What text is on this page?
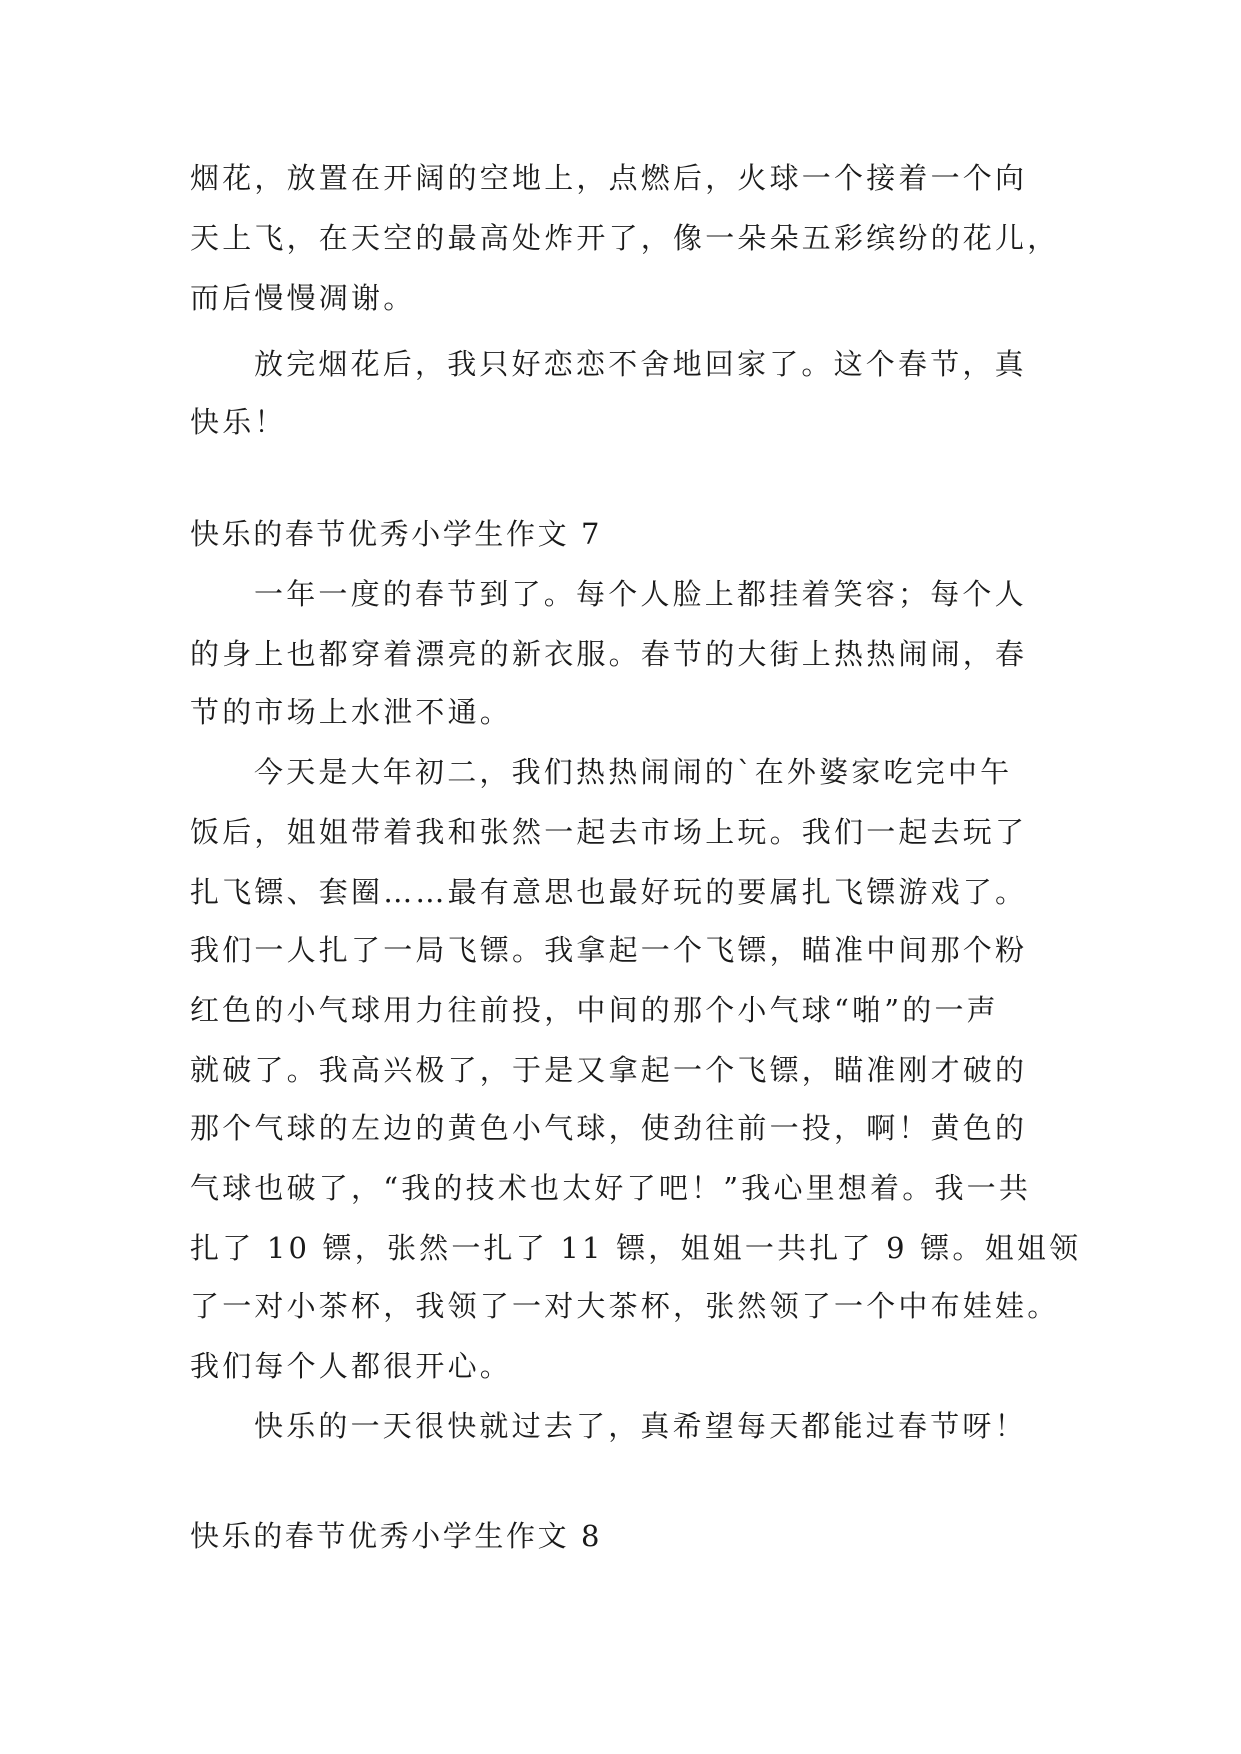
烟花，放置在开阔的空地上，点燃后，火球一个接着一个向
天上飞，在天空的最高处炸开了，像一朵朵五彩缤纷的花儿，
而后慢慢凋谢。
放完烟花后，我只好恋恋不舍地回家了。这个春节，真
快乐！
快乐的春节优秀小学生作文 7
一年一度的春节到了。每个人脸上都挂着笑容；每个人
的身上也都穿着漂亮的新衣服。春节的大街上热热闹闹，春
节的市场上水泄不通。
今天是大年初二，我们热热闹闹的`在外婆家吃完中午
饭后，姐姐带着我和张然一起去市场上玩。我们一起去玩了
扎飞镖、套圈……最有意思也最好玩的要属扎飞镖游戏了。
我们一人扎了一局飞镖。我拿起一个飞镖，瞄准中间那个粉
红色的小气球用力往前投，中间的那个小气球“啪”的一声
就破了。我高兴极了，于是又拿起一个飞镖，瞄准刚才破的
那个气球的左边的黄色小气球，使劲往前一投，啊！黄色的
气球也破了，“我的技术也太好了吧！”我心里想着。我一共
扎了 10 镖，张然一扎了 11 镖，姐姐一共扎了 9 镖。姐姐领
了一对小茶杯，我领了一对大茶杯，张然领了一个中布娃娃。
我们每个人都很开心。
快乐的一天很快就过去了，真希望每天都能过春节呀！
快乐的春节优秀小学生作文 8
